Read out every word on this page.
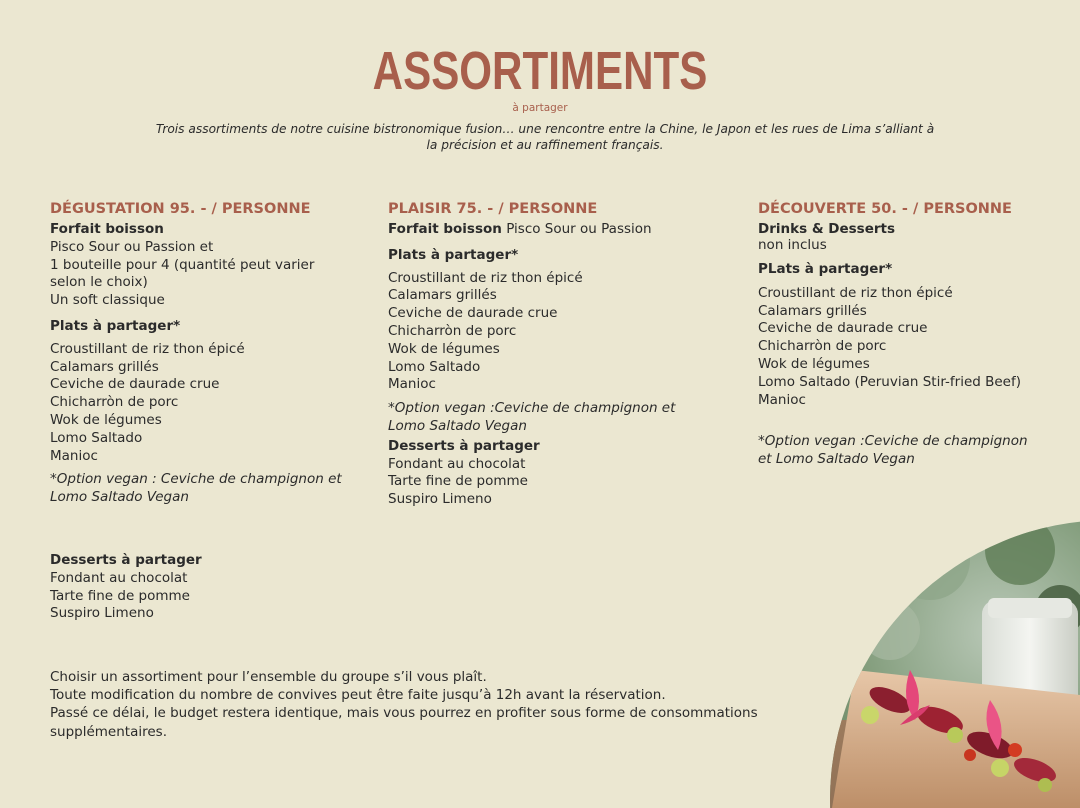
ASSORTIMENTS
à partager
Trois assortiments de notre cuisine bistronomique fusion… une rencontre entre la Chine, le Japon et les rues de Lima s’alliant à la précision et au raffinement français.
DÉGUSTATION 95. - / PERSONNE
Forfait boisson
Pisco Sour ou Passion et
1 bouteille pour 4 (quantité peut varier selon le choix)
Un soft classique
Plats à partager*
Croustillant de riz thon épicé
Calamars grillés
Ceviche de daurade crue
Chicharròn de porc
Wok de légumes
Lomo Saltado
Manioc
*Option vegan : Ceviche de champignon et Lomo Saltado Vegan
Desserts à partager
Fondant au chocolat
Tarte fine de pomme
Suspiro Limeno
PLAISIR 75. - / PERSONNE
Forfait boisson Pisco Sour ou Passion
Plats à partager*
Croustillant de riz thon épicé
Calamars grillés
Ceviche de daurade crue
Chicharròn de porc
Wok de légumes
Lomo Saltado
Manioc
*Option vegan :Ceviche de champignon et Lomo Saltado Vegan
Desserts à partager
Fondant au chocolat
Tarte fine de pomme
Suspiro Limeno
DÉCOUVERTE 50. - / PERSONNE
Drinks & Desserts
non inclus
PLats à partager*
Croustillant de riz thon épicé
Calamars grillés
Ceviche de daurade crue
Chicharròn de porc
Wok de légumes
Lomo Saltado (Peruvian Stir-fried Beef)
Manioc
*Option vegan :Ceviche de champignon et Lomo Saltado Vegan
Choisir un assortiment pour l’ensemble du groupe s’il vous plaît.
Toute modification du nombre de convives peut être faite jusqu’à 12h avant la réservation.
Passé ce délai, le budget restera identique, mais vous pourrez en profiter sous forme de consommations supplémentaires.
